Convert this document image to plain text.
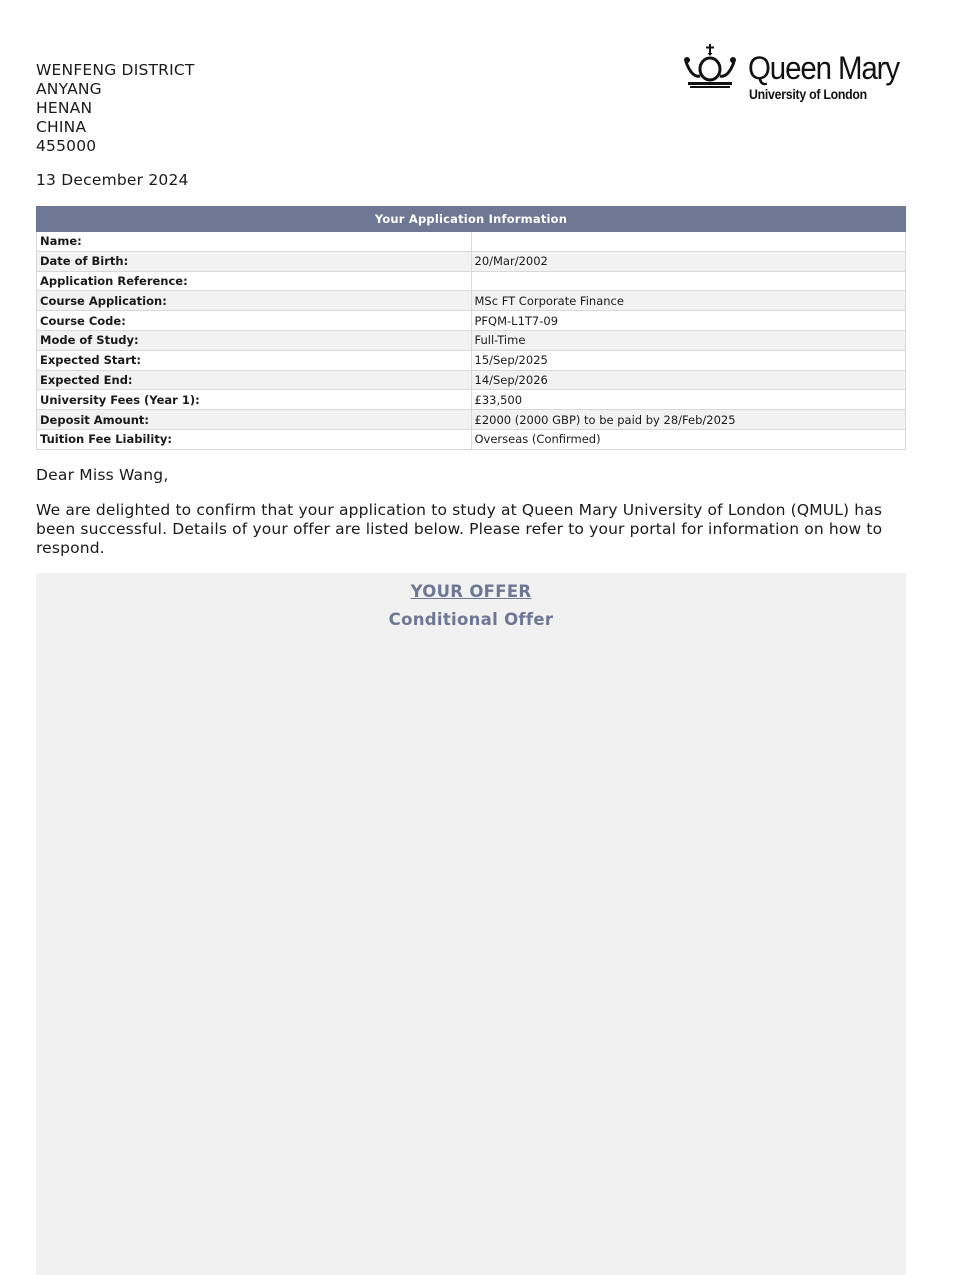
WENFENG DISTRICT
ANYANG
HENAN
CHINA
455000
13 December 2024
Queen Mary
University of London
Your Application Information	
Name:	
Date of Birth:	20/Mar/2002
Application Reference:	
Course Application:	MSc FT Corporate Finance
Course Code:	PFQM-L1T7-09
Mode of Study:	Full-Time
Expected Start:	15/Sep/2025
Expected End:	14/Sep/2026
University Fees (Year 1):	£33,500
Deposit Amount:	£2000 (2000 GBP) to be paid by 28/Feb/2025
Tuition Fee Liability:	Overseas (Confirmed)
Dear Miss Wang,
We are delighted to confirm that your application to study at Queen Mary University of London (QMUL) has been successful. Details of your offer are listed below. Please refer to your portal for information on how to respond.
YOUR OFFER
Conditional Offer
